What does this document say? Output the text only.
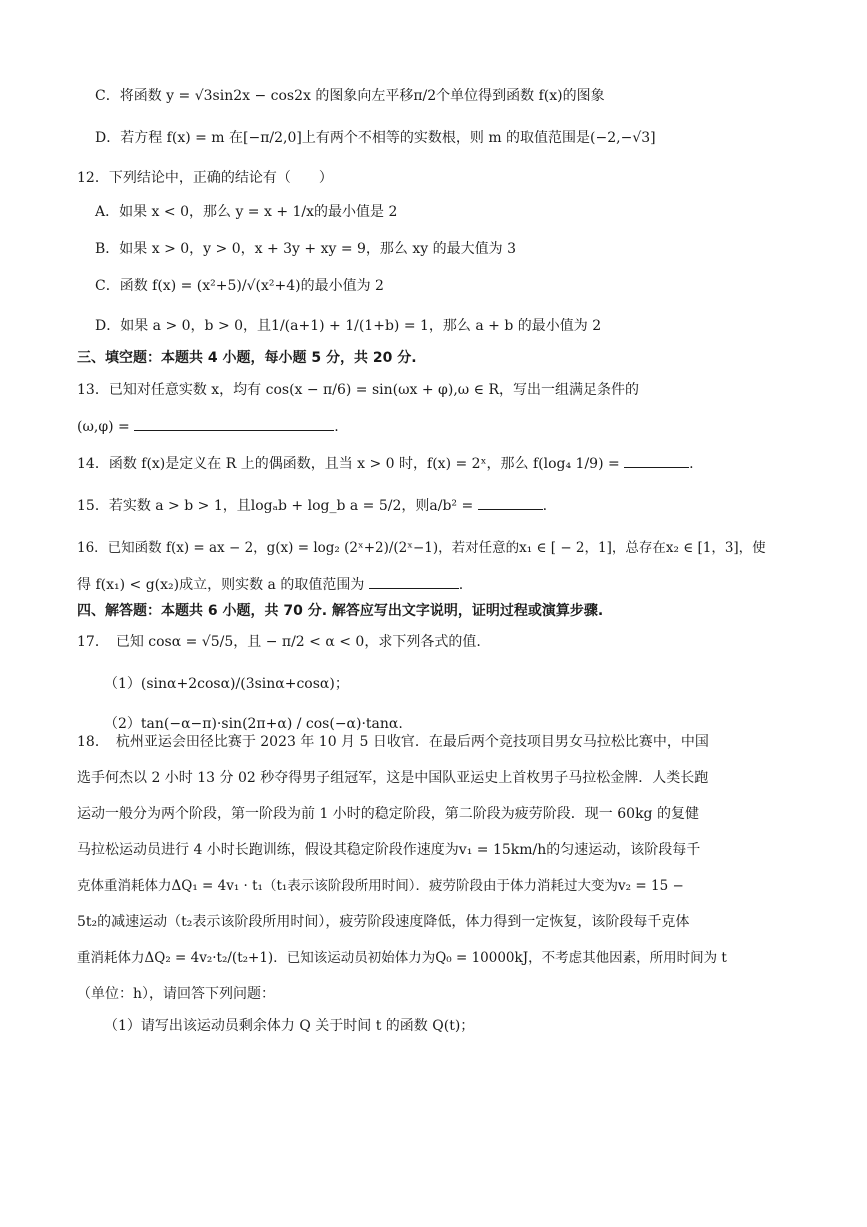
C．将函数 y = √3sin2x − cos2x 的图象向左平移π/2个单位得到函数 f(x)的图象
D．若方程 f(x) = m 在[−π/2,0]上有两个不相等的实数根，则 m 的取值范围是(−2,−√3]
12．下列结论中，正确的结论有（　　）
A．如果 x < 0，那么 y = x + 1/x的最小值是 2
B．如果 x > 0，y > 0，x + 3y + xy = 9，那么 xy 的最大值为 3
C．函数 f(x) = (x²+5)/√(x²+4)的最小值为 2
D．如果 a > 0，b > 0，且1/(a+1) + 1/(1+b) = 1，那么 a + b 的最小值为 2
三、填空题：本题共 4 小题，每小题 5 分，共 20 分.
13．已知对任意实数 x，均有 cos(x − π/6) = sin(ωx + φ),ω ∈ R，写出一组满足条件的
(ω,φ) =	.
14．函数 f(x)是定义在 R 上的偶函数，且当 x > 0 时，f(x) = 2ˣ，那么 f(log₄ 1/9) =	.
15．若实数 a > b > 1，且logₐb + log_b a = 5/2，则a/b² =	.
16．已知函数 f(x) = ax − 2，g(x) = log₂ (2ˣ+2)/(2ˣ−1)，若对任意的x₁ ∈ [ − 2，1]，总存在x₂ ∈ [1，3]，使
得 f(x₁) < g(x₂)成立，则实数 a 的取值范围为	.
四、解答题：本题共 6 小题，共 70 分. 解答应写出文字说明，证明过程或演算步骤.
17．　已知 cosα = √5/5，且 − π/2 < α < 0，求下列各式的值.
（1）(sinα+2cosα)/(3sinα+cosα)；
（2）tan(−α−π)·sin(2π+α) / cos(−α)·tanα.
18．　杭州亚运会田径比赛于 2023 年 10 月 5 日收官．在最后两个竞技项目男女马拉松比赛中，中国
选手何杰以 2 小时 13 分 02 秒夺得男子组冠军，这是中国队亚运史上首枚男子马拉松金牌．人类长跑
运动一般分为两个阶段，第一阶段为前 1 小时的稳定阶段，第二阶段为疲劳阶段．现一 60kg 的复健
马拉松运动员进行 4 小时长跑训练，假设其稳定阶段作速度为v₁ = 15km/h的匀速运动，该阶段每千
克体重消耗体力ΔQ₁ = 4v₁ · t₁（t₁表示该阶段所用时间）．疲劳阶段由于体力消耗过大变为v₂ = 15 −
5t₂的减速运动（t₂表示该阶段所用时间），疲劳阶段速度降低，体力得到一定恢复，该阶段每千克体
重消耗体力ΔQ₂ = 4v₂·t₂/(t₂+1)．已知该运动员初始体力为Q₀ = 10000kJ，不考虑其他因素，所用时间为 t
（单位：h），请回答下列问题：
（1）请写出该运动员剩余体力 Q 关于时间 t 的函数 Q(t)；
